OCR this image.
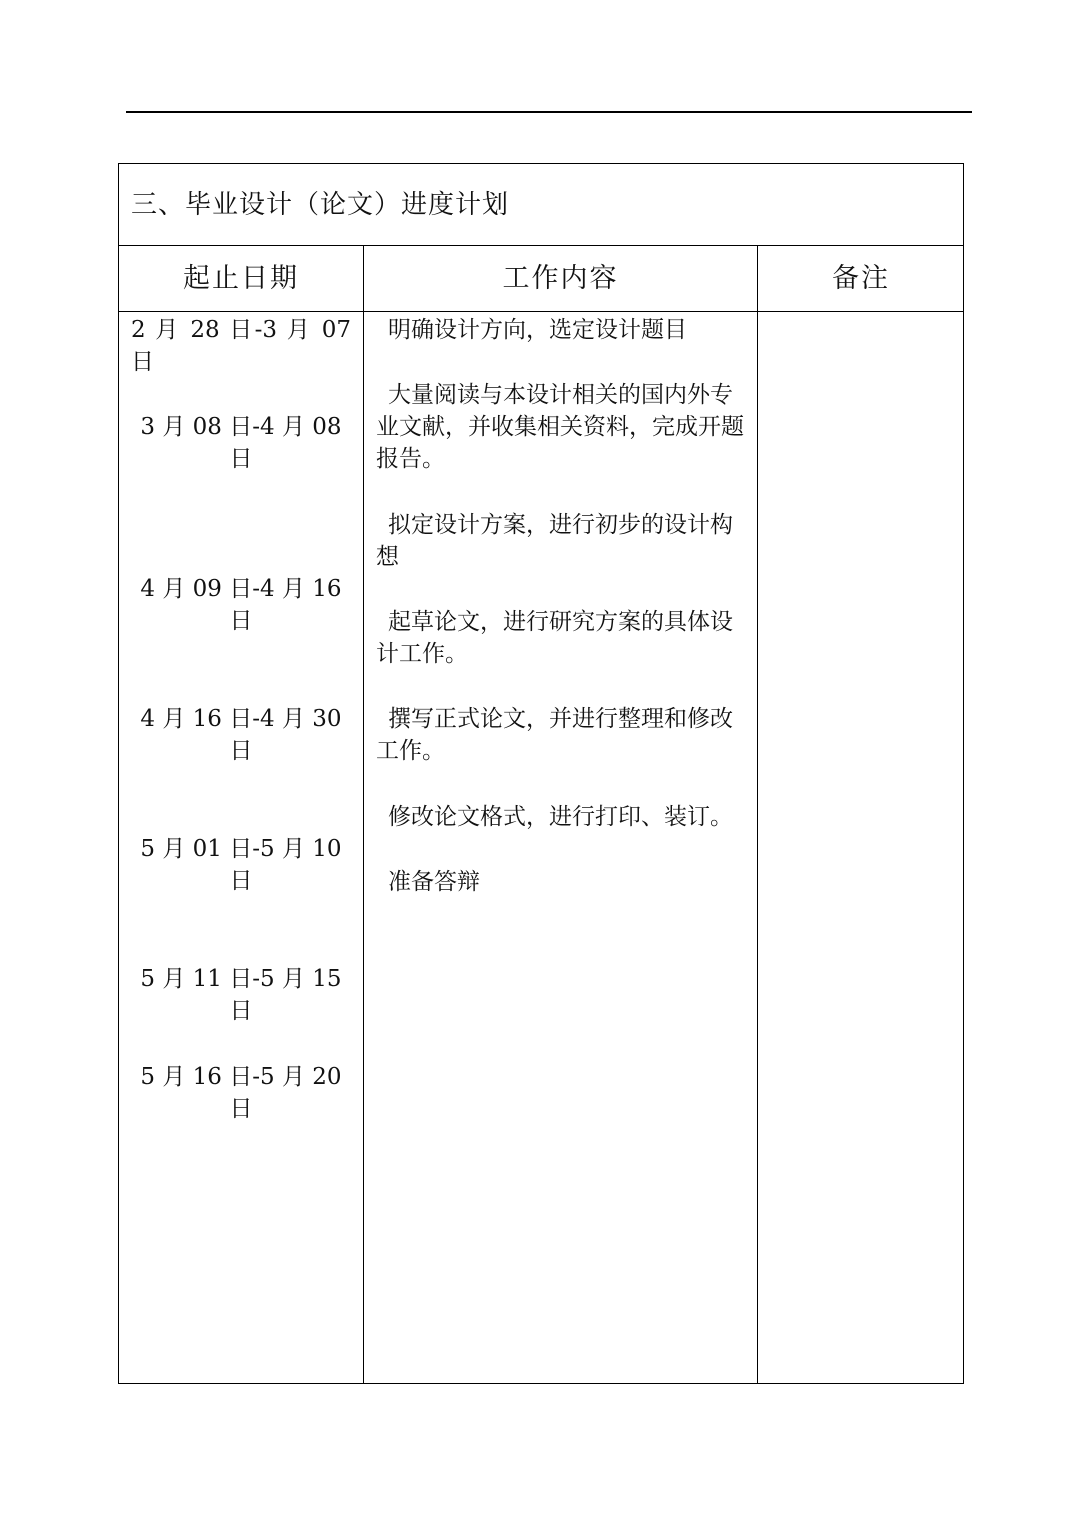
三、毕业设计（论文）进度计划
起止日期	工作内容	备注
2 月 28 日-3 月 07 日
3 月 08 日-4 月 08 日
4 月 09 日-4 月 16 日
4 月 16 日-4 月 30 日
5 月 01 日-5 月 10 日
5 月 11 日-5 月 15 日
5 月 16 日-5 月 20 日
明确设计方向，选定设计题目
大量阅读与本设计相关的国内外专业文献，并收集相关资料，完成开题报告。
拟定设计方案，进行初步的设计构想
起草论文，进行研究方案的具体设计工作。
撰写正式论文，并进行整理和修改工作。
修改论文格式，进行打印、装订。
准备答辩
